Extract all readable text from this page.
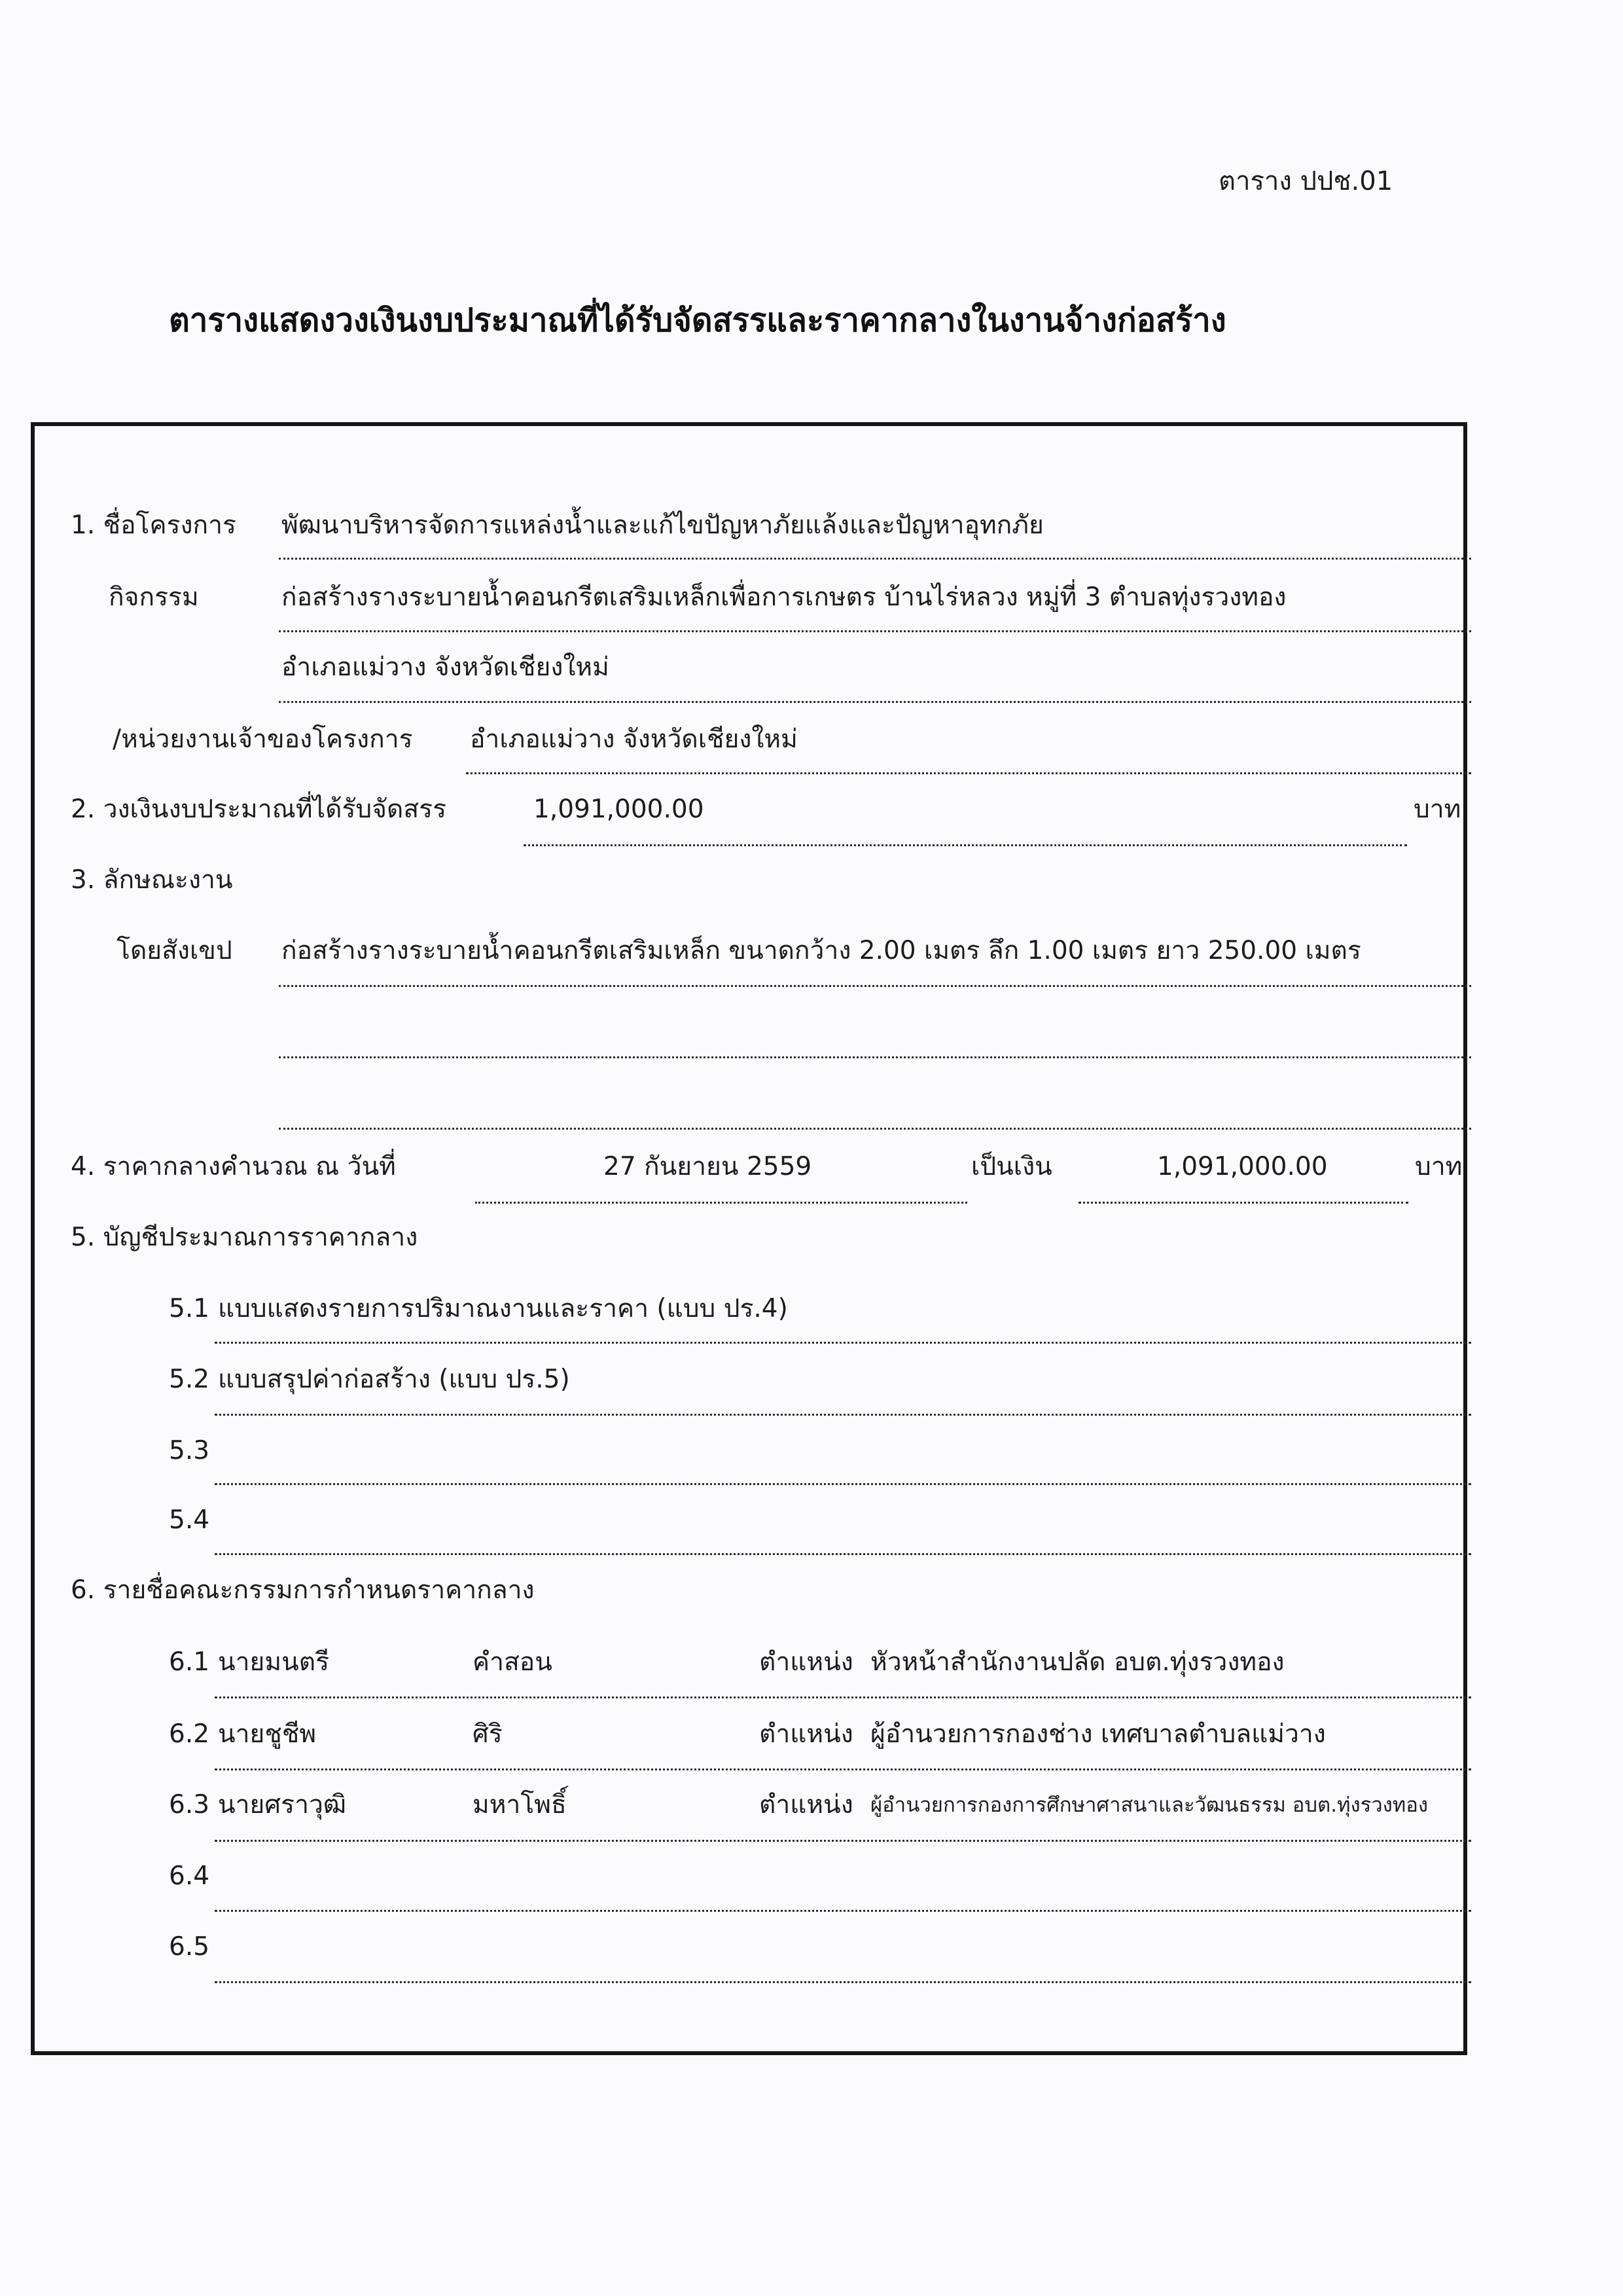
ตาราง ปปช.01
ตารางแสดงวงเงินงบประมาณที่ได้รับจัดสรรและราคากลางในงานจ้างก่อสร้าง
1. ชื่อโครงการ พัฒนาบริหารจัดการแหล่งน้ำและแก้ไขปัญหาภัยแล้งและปัญหาอุทกภัย
กิจกรรม	ก่อสร้างรางระบายน้ำคอนกรีตเสริมเหล็กเพื่อการเกษตร บ้านไร่หลวง หมู่ที่ 3 ตำบลทุ่งรวงทอง
อำเภอแม่วาง จังหวัดเชียงใหม่
/หน่วยงานเจ้าของโครงการ อำเภอแม่วาง จังหวัดเชียงใหม่
2. วงเงินงบประมาณที่ได้รับจัดสรร	1,091,000.00	บาท
3. ลักษณะงาน
โดยสังเขป ก่อสร้างรางระบายน้ำคอนกรีตเสริมเหล็ก ขนาดกว้าง 2.00 เมตร ลึก 1.00 เมตร ยาว 250.00 เมตร
4. ราคากลางคำนวณ ณ วันที่	27 กันยายน 2559	เป็นเงิน	1,091,000.00	บาท
5. บัญชีประมาณการราคากลาง
5.1 แบบแสดงรายการปริมาณงานและราคา (แบบ ปร.4)
5.2 แบบสรุปค่าก่อสร้าง (แบบ ปร.5)
5.3
5.4
6. รายชื่อคณะกรรมการกำหนดราคากลาง
6.1 นายมนตรี	คำสอน	ตำแหน่ง หัวหน้าสำนักงานปลัด อบต.ทุ่งรวงทอง
6.2 นายชูชีพ	ศิริ	ตำแหน่ง ผู้อำนวยการกองช่าง เทศบาลตำบลแม่วาง
6.3 นายศราวุฒิ	มหาโพธิ์	ตำแหน่ง ผู้อำนวยการกองการศึกษาศาสนาและวัฒนธรรม อบต.ทุ่งรวงทอง
6.4
6.5
